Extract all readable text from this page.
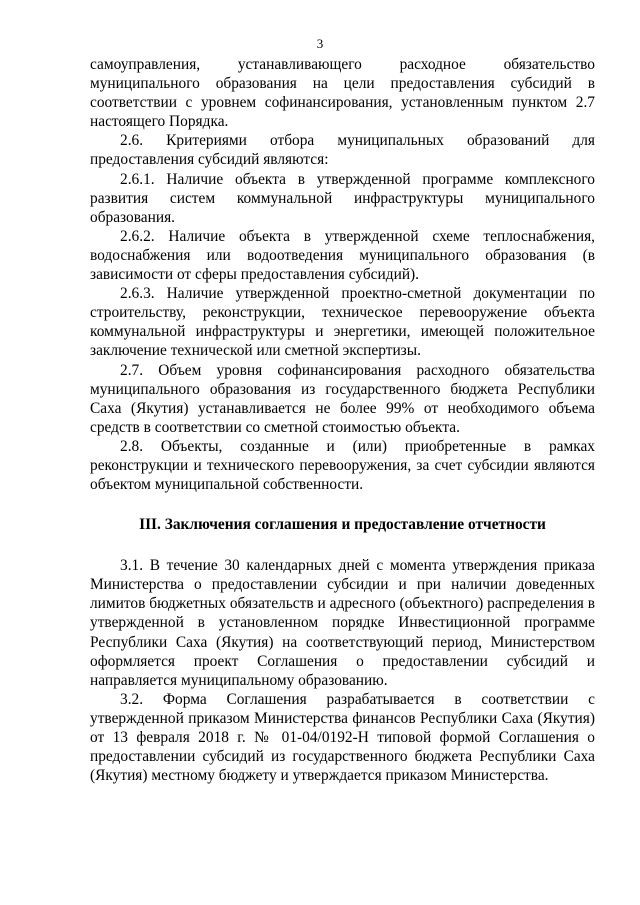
3

самоуправления, устанавливающего расходное обязательство муниципального образования на цели предоставления субсидий в соответствии с уровнем софинансирования, установленным пунктом 2.7 настоящего Порядка.

2.6. Критериями отбора муниципальных образований для предоставления субсидий являются:

2.6.1. Наличие объекта в утвержденной программе комплексного развития систем коммунальной инфраструктуры муниципального образования.

2.6.2. Наличие объекта в утвержденной схеме теплоснабжения, водоснабжения или водоотведения муниципального образования (в зависимости от сферы предоставления субсидий).

2.6.3. Наличие утвержденной проектно-сметной документации по строительству, реконструкции, техническое перевооружение объекта коммунальной инфраструктуры и энергетики, имеющей положительное заключение технической или сметной экспертизы.

2.7. Объем уровня софинансирования расходного обязательства муниципального образования из государственного бюджета Республики Саха (Якутия) устанавливается не более 99% от необходимого объема средств в соответствии со сметной стоимостью объекта.

2.8. Объекты, созданные и (или) приобретенные в рамках реконструкции и технического перевооружения, за счет субсидии являются объектом муниципальной собственности.

III. Заключения соглашения и предоставление отчетности

3.1. В течение 30 календарных дней с момента утверждения приказа Министерства о предоставлении субсидии и при наличии доведенных лимитов бюджетных обязательств и адресного (объектного) распределения в утвержденной в установленном порядке Инвестиционной программе Республики Саха (Якутия) на соответствующий период, Министерством оформляется проект Соглашения о предоставлении субсидий и направляется муниципальному образованию.

3.2. Форма Соглашения разрабатывается в соответствии с утвержденной приказом Министерства финансов Республики Саха (Якутия) от 13 февраля 2018 г. № 01-04/0192-Н типовой формой Соглашения о предоставлении субсидий из государственного бюджета Республики Саха (Якутия) местному бюджету и утверждается приказом Министерства.
